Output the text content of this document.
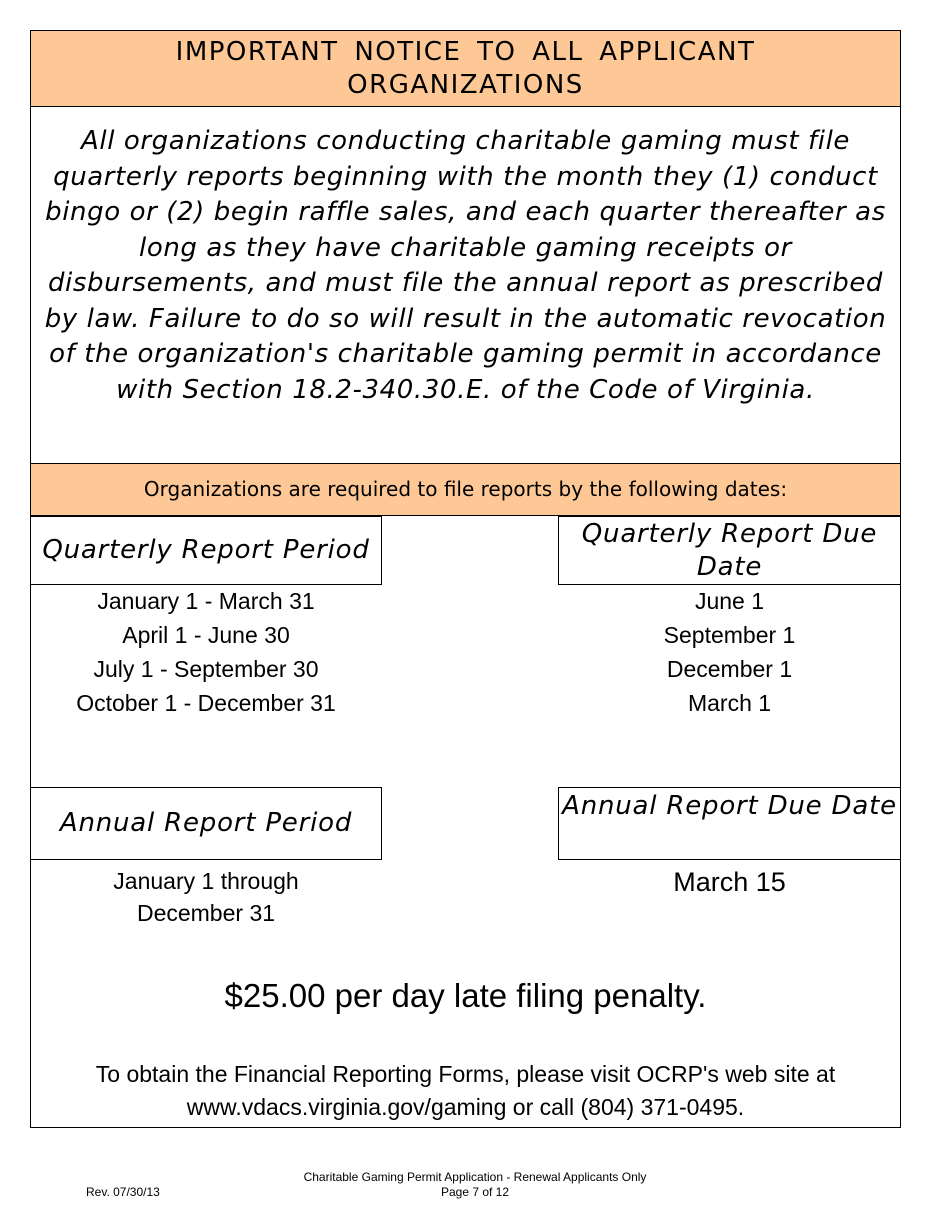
IMPORTANT NOTICE TO ALL APPLICANT ORGANIZATIONS
All organizations conducting charitable gaming must file quarterly reports beginning with the month they (1) conduct bingo or (2) begin raffle sales, and each quarter thereafter as long as they have charitable gaming receipts or disbursements, and must file the annual report as prescribed by law. Failure to do so will result in the automatic revocation of the organization's charitable gaming permit in accordance with Section 18.2-340.30.E. of the Code of Virginia.
Organizations are required to file reports by the following dates:
Quarterly Report Period
Quarterly Report Due Date
January 1 - March 31
April 1 - June 30
July 1 - September 30
October 1 - December 31
June 1
September 1
December 1
March 1
Annual Report Period
Annual Report Due Date
January 1 through
December 31
March 15
$25.00 per day late filing penalty.
To obtain the Financial Reporting Forms, please visit OCRP's web site at
www.vdacs.virginia.gov/gaming or call (804) 371-0495.
Rev. 07/30/13
Charitable Gaming Permit Application - Renewal Applicants Only
Page 7 of 12
